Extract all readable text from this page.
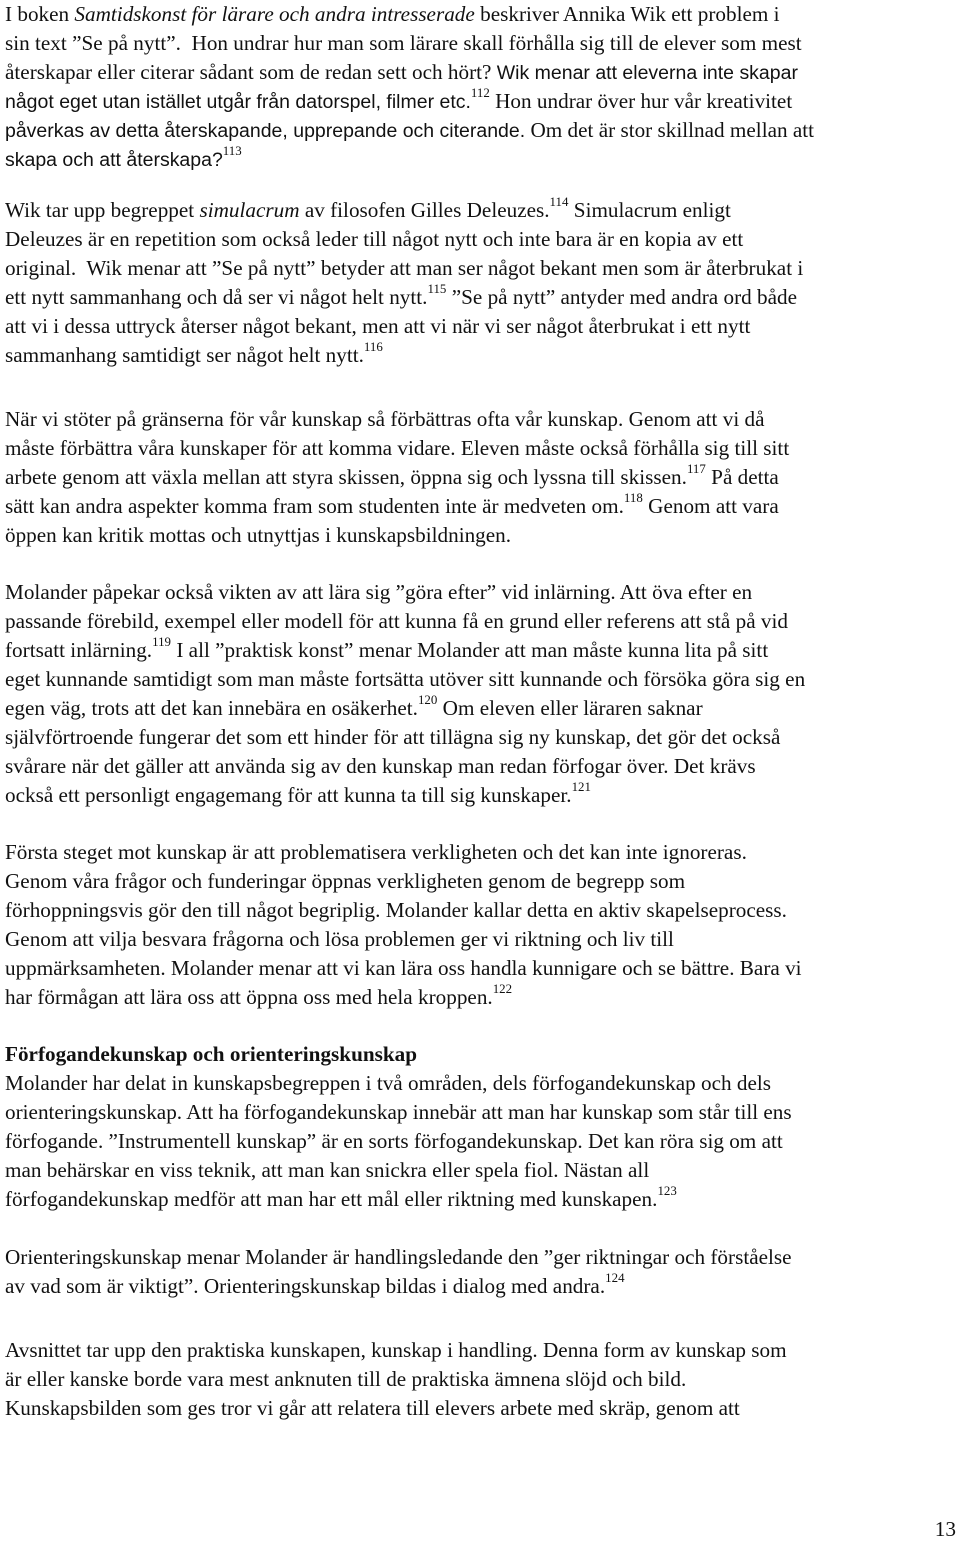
I boken Samtidskonst för lärare och andra intresserade beskriver Annika Wik ett problem i
sin text ”Se på nytt”.  Hon undrar hur man som lärare skall förhålla sig till de elever som mest
återskapar eller citerar sådant som de redan sett och hört? Wik menar att eleverna inte skapar
något eget utan istället utgår från datorspel, filmer etc.$^{112}$ Hon undrar över hur vår kreativitet
påverkas av detta återskapande, upprepande och citerande. Om det är stor skillnad mellan att
skapa och att återskapa?$^{113}$
Wik tar upp begreppet simulacrum av filosofen Gilles Deleuzes.$^{114}$ Simulacrum enligt
Deleuzes är en repetition som också leder till något nytt och inte bara är en kopia av ett
original.  Wik menar att ”Se på nytt” betyder att man ser något bekant men som är återbrukat i
ett nytt sammanhang och då ser vi något helt nytt.$^{115}$ ”Se på nytt” antyder med andra ord både
att vi i dessa uttryck återser något bekant, men att vi när vi ser något återbrukat i ett nytt
sammanhang samtidigt ser något helt nytt.$^{116}$
När vi stöter på gränserna för vår kunskap så förbättras ofta vår kunskap. Genom att vi då
måste förbättra våra kunskaper för att komma vidare. Eleven måste också förhålla sig till sitt
arbete genom att växla mellan att styra skissen, öppna sig och lyssna till skissen.$^{117}$ På detta
sätt kan andra aspekter komma fram som studenten inte är medveten om.$^{118}$ Genom att vara
öppen kan kritik mottas och utnyttjas i kunskapsbildningen.
Molander påpekar också vikten av att lära sig ”göra efter” vid inlärning. Att öva efter en
passande förebild, exempel eller modell för att kunna få en grund eller referens att stå på vid
fortsatt inlärning.$^{119}$ I all ”praktisk konst” menar Molander att man måste kunna lita på sitt
eget kunnande samtidigt som man måste fortsätta utöver sitt kunnande och försöka göra sig en
egen väg, trots att det kan innebära en osäkerhet.$^{120}$ Om eleven eller läraren saknar
självförtroende fungerar det som ett hinder för att tillägna sig ny kunskap, det gör det också
svårare när det gäller att använda sig av den kunskap man redan förfogar över. Det krävs
också ett personligt engagemang för att kunna ta till sig kunskaper.$^{121}$
Första steget mot kunskap är att problematisera verkligheten och det kan inte ignoreras.
Genom våra frågor och funderingar öppnas verkligheten genom de begrepp som
förhoppningsvis gör den till något begriplig. Molander kallar detta en aktiv skapelseprocess.
Genom att vilja besvara frågorna och lösa problemen ger vi riktning och liv till
uppmärksamheten. Molander menar att vi kan lära oss handla kunnigare och se bättre. Bara vi
har förmågan att lära oss att öppna oss med hela kroppen.$^{122}$
Förfogandekunskap och orienteringskunskap
Molander har delat in kunskapsbegreppen i två områden, dels förfogandekunskap och dels
orienteringskunskap. Att ha förfogandekunskap innebär att man har kunskap som står till ens
förfogande. ”Instrumentell kunskap” är en sorts förfogandekunskap. Det kan röra sig om att
man behärskar en viss teknik, att man kan snickra eller spela fiol. Nästan all
förfogandekunskap medför att man har ett mål eller riktning med kunskapen.$^{123}$
Orienteringskunskap menar Molander är handlingsledande den ”ger riktningar och förståelse
av vad som är viktigt”. Orienteringskunskap bildas i dialog med andra.$^{124}$
Avsnittet tar upp den praktiska kunskapen, kunskap i handling. Denna form av kunskap som
är eller kanske borde vara mest anknuten till de praktiska ämnena slöjd och bild.
Kunskapsbilden som ges tror vi går att relatera till elevers arbete med skräp, genom att
13
